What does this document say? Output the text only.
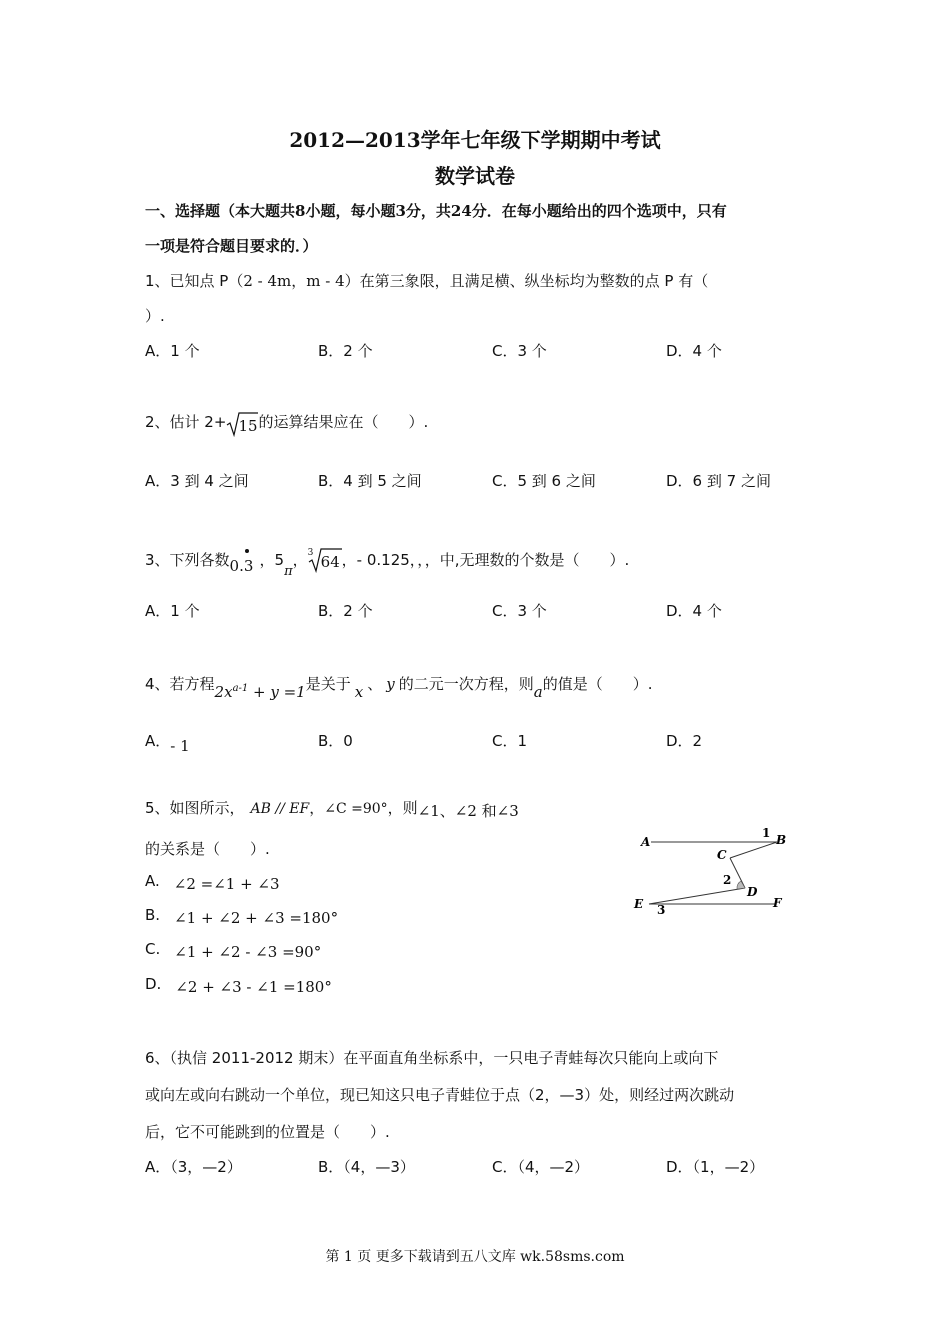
2012—2013学年七年级下学期期中考试
数学试卷
一、选择题（本大题共8小题，每小题3分，共24分．在每小题给出的四个选项中，只有
一项是符合题目要求的．）
1、已知点 P（2 - 4m，m - 4）在第三象限，且满足横、纵坐标均为整数的点 P 有（
）.
A．1 个	B．2 个	C．3 个	D．4 个
2、估计 2+ 15 的运算结果应在（　　）.
A．3 到 4 之间	B．4 到 5 之间	C．5 到 6 之间	D．6 到 7 之间
3、下列各数 0.3 ，5π， 3 64 ，- 0.125，，，中,无理数的个数是（　　）.
A．1 个	B．2 个	C．3 个	D．4 个
4、若方程$2x^{a-1} + y =1$是关于 x 、 y 的二元一次方程，则a的值是（　　）.
A．- 1	B．0	C．1	D．2
5、如图所示， AB // EF，∠C =90°，则∠1、∠2 和∠3
的关系是（　　）.
A. ∠2 =∠1 + ∠3
B. ∠1 + ∠2 + ∠3 =180°
C. ∠1 + ∠2 - ∠3 =90°
D. ∠2 + ∠3 - ∠1 =180°
A	B
C
D
E	F
1
2
3
6、（执信 2011-2012 期末）在平面直角坐标系中，一只电子青蛙每次只能向上或向下
或向左或向右跳动一个单位，现已知这只电子青蛙位于点（2，—3）处，则经过两次跳动
后，它不可能跳到的位置是（　　）.
A．（3，—2）	B．（4，—3）	C．（4，—2）	D．（1，—2）
第 1 页 更多下载请到五八文库 wk.58sms.com
